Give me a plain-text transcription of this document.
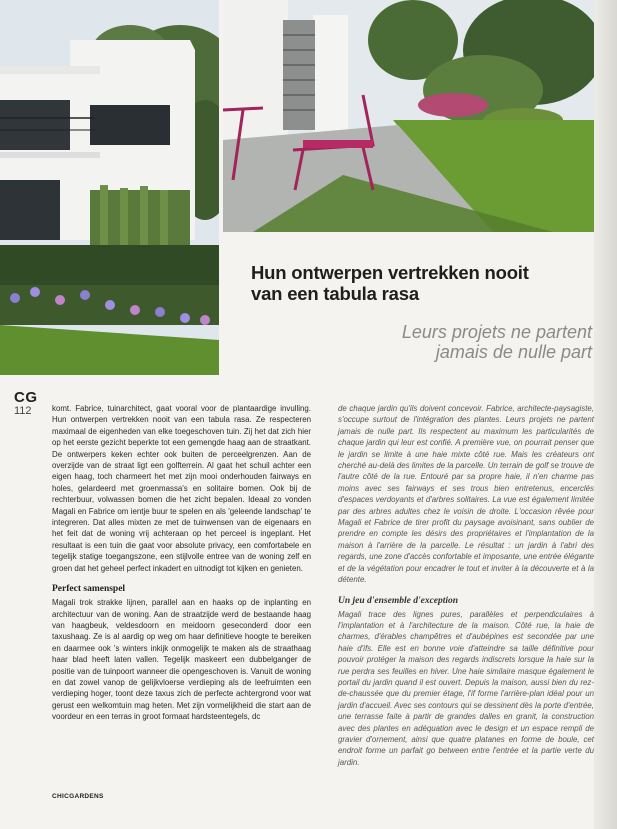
Hun ontwerpen vertrekken nooit
van een tabula rasa
Leurs projets ne partent
jamais de nulle part
CG
112	komt. Fabrice, tuinarchitect, gaat vooral voor de plantaardige invulling. Hun ontwerpen vertrekken nooit van een tabula rasa. Ze respecteren maximaal de eigenheden van elke toegeschoven tuin. Zij het dat zich hier op het eerste gezicht beperkte tot een gemengde haag aan de straatkant. De ontwerpers keken echter ook buiten de perceelgrenzen. Aan de overzijde van de straat ligt een golfterrein. Al gaat het schuil achter een eigen haag, toch charmeert het met zijn mooi onderhouden fairways en holes, gelardeerd met groenmassa's en solitaire bomen. Ook bij de rechterbuur, volwassen bomen die het zicht bepalen. Ideaal zo vonden Magali en Fabrice om ientje buur te spelen en als 'geleende landschap' te integreren. Dat alles mixten ze met de tuinwensen van de eigenaars en het feit dat de woning vrij achteraan op het perceel is ingeplant. Het resultaat is een tuin die gaat voor absolute privacy, een comfortabele en tegelijk statige toegangszone, een stijlvolle entree van de woning zelf en groen dat het geheel perfect inkadert en uitnodigt tot kijken en genieten.

Perfect samenspel

Magali trok strakke lijnen, parallel aan en haaks op de inplanting en architectuur van de woning. Aan de straatzijde werd de bestaande haag van haagbeuk, veldesdoorn en meidoorn geseconderd door een taxushaag. Ze is al aardig op weg om haar definitieve hoogte te bereiken en daarmee ook 's winters inkijk onmogelijk te maken als de straathaag haar blad heeft laten vallen. Tegelijk maskeert een dubbelganger de positie van de tuinpoort wanneer die opengeschoven is. Vanuit de woning en dat zowel vanop de gelijkvloerse verdieping als de leefruimten een verdieping hoger, toont deze taxus zich de perfecte achtergrond voor wat gerust een welkomtuin mag heten. Met zijn vormelijkheid die start aan de voordeur en een terras in groot formaat hardsteentegels, dc

de chaque jardin qu'ils doivent concevoir. Fabrice, architecte-paysagiste, s'occupe surtout de l'intégration des plantes. Leurs projets ne partent jamais de nulle part. Ils respectent au maximum les particularités de chaque jardin qui leur est confié. A première vue, on pourrait penser que le jardin se limite à une haie mixte côté rue. Mais les créateurs ont cherché au-delà des limites de la parcelle. Un terrain de golf se trouve de l'autre côté de la rue. Entouré par sa propre haie, il n'en charme pas moins avec ses fairways et ses trous bien entretenus, encerclés d'espaces verdoyants et d'arbres solitaires. La vue est également limitée par des arbres adultes chez le voisin de droite. L'occasion rêvée pour Magali et Fabrice de tirer profit du paysage avoisinant, sans oublier de prendre en compte les désirs des propriétaires et l'implantation de la maison à l'arrière de la parcelle. Le résultat : un jardin à l'abri des regards, une zone d'accès confortable et imposante, une entrée élégante et de la végétation pour encadrer le tout et inviter à la découverte et à la détente.

Un jeu d'ensemble d'exception

Magali trace des lignes pures, parallèles et perpendiculaires à l'implantation et à l'architecture de la maison. Côté rue, la haie de charmes, d'érables champêtres et d'aubépines est secondée par une haie d'ifs. Elle est en bonne voie d'atteindre sa taille définitive pour pouvoir protéger la maison des regards indiscrets lorsque la haie sur la rue perdra ses feuilles en hiver. Une haie similaire masque également le portail du jardin quand il est ouvert. Depuis la maison, aussi bien du rez-de-chaussée que du premier étage, l'if forme l'arrière-plan idéal pour un jardin d'accueil. Avec ses contours qui se dessinent dès la porte d'entrée, une terrasse faite à partir de grandes dalles en granit, la construction avec des plantes en adéquation avec le design et un espace rempli de gravier d'ornement, ainsi que quatre platanes en forme de boule, cet endroit forme un parfait go between entre l'entrée et la partie verte du jardin.

CHICGARDENS
